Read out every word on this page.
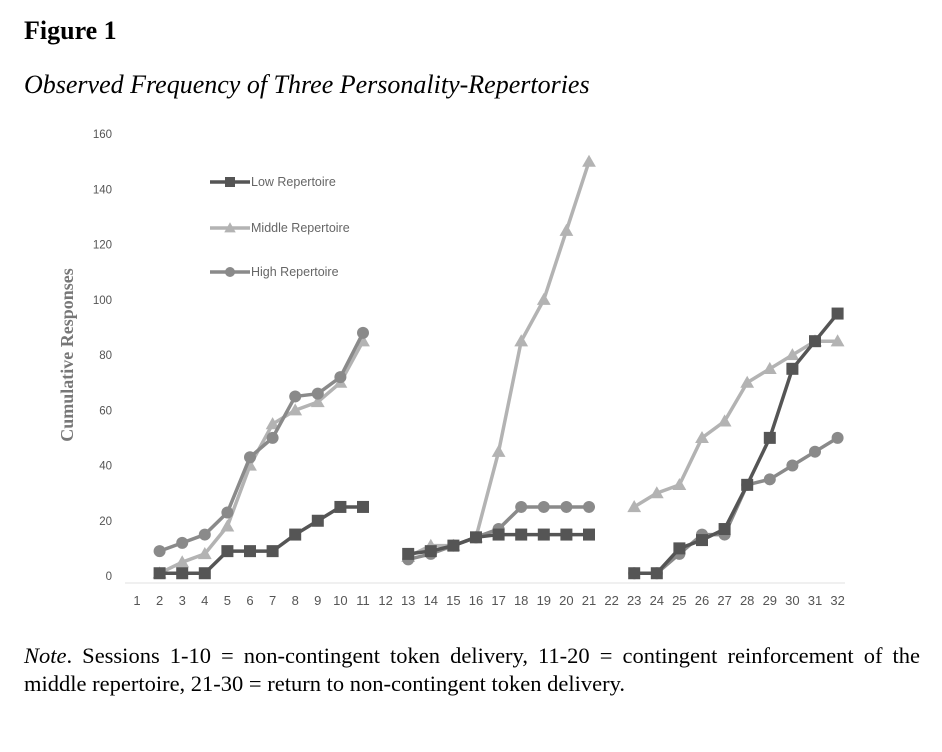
Figure 1
Observed Frequency of Three Personality-Repertories
0
20
40
60
80
100
120
140
160
1 2 3 4 5 6 7 8 9 10 11 12 13 14 15 16 17 18 19 20 21 22 23 24 25 26 27 28 29 30 31 32
Low Repertoire
Middle Repertoire
High Repertoire
Cumulative Responses
Note. Sessions 1-10 = non-contingent token delivery, 11-20 = contingent reinforcement of the middle repertoire, 21-30 = return to non-contingent token delivery.
